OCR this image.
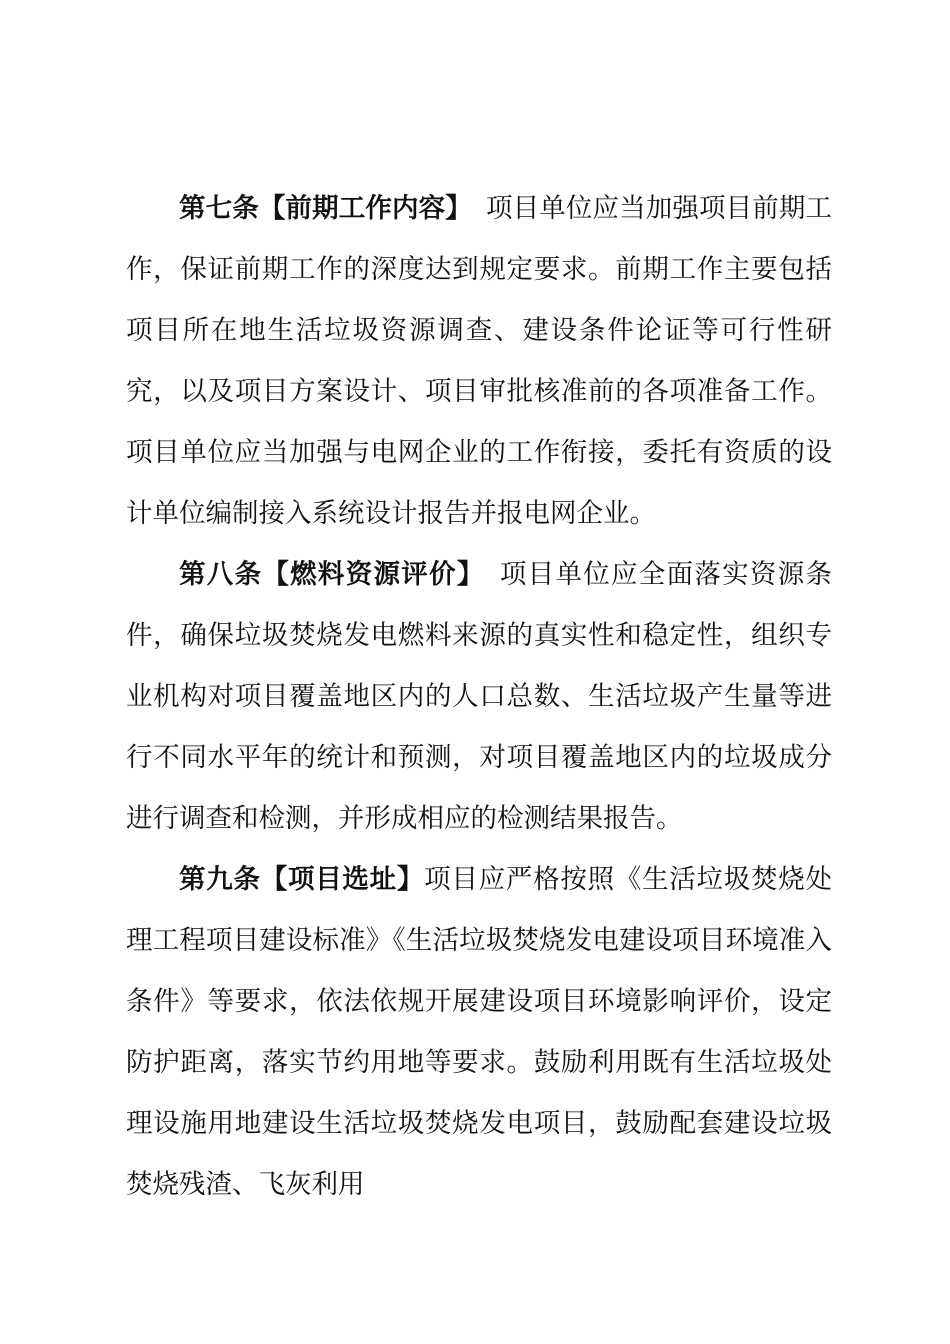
第七条【前期工作内容】 项目单位应当加强项目前期工作，保证前期工作的深度达到规定要求。前期工作主要包括项目所在地生活垃圾资源调查、建设条件论证等可行性研究，以及项目方案设计、项目审批核准前的各项准备工作。项目单位应当加强与电网企业的工作衔接，委托有资质的设计单位编制接入系统设计报告并报电网企业。

第八条【燃料资源评价】 项目单位应全面落实资源条件，确保垃圾焚烧发电燃料来源的真实性和稳定性，组织专业机构对项目覆盖地区内的人口总数、生活垃圾产生量等进行不同水平年的统计和预测，对项目覆盖地区内的垃圾成分进行调查和检测，并形成相应的检测结果报告。

第九条【项目选址】项目应严格按照《生活垃圾焚烧处理工程项目建设标准》《生活垃圾焚烧发电建设项目环境准入条件》等要求，依法依规开展建设项目环境影响评价，设定防护距离，落实节约用地等要求。鼓励利用既有生活垃圾处理设施用地建设生活垃圾焚烧发电项目，鼓励配套建设垃圾焚烧残渣、飞灰利用
